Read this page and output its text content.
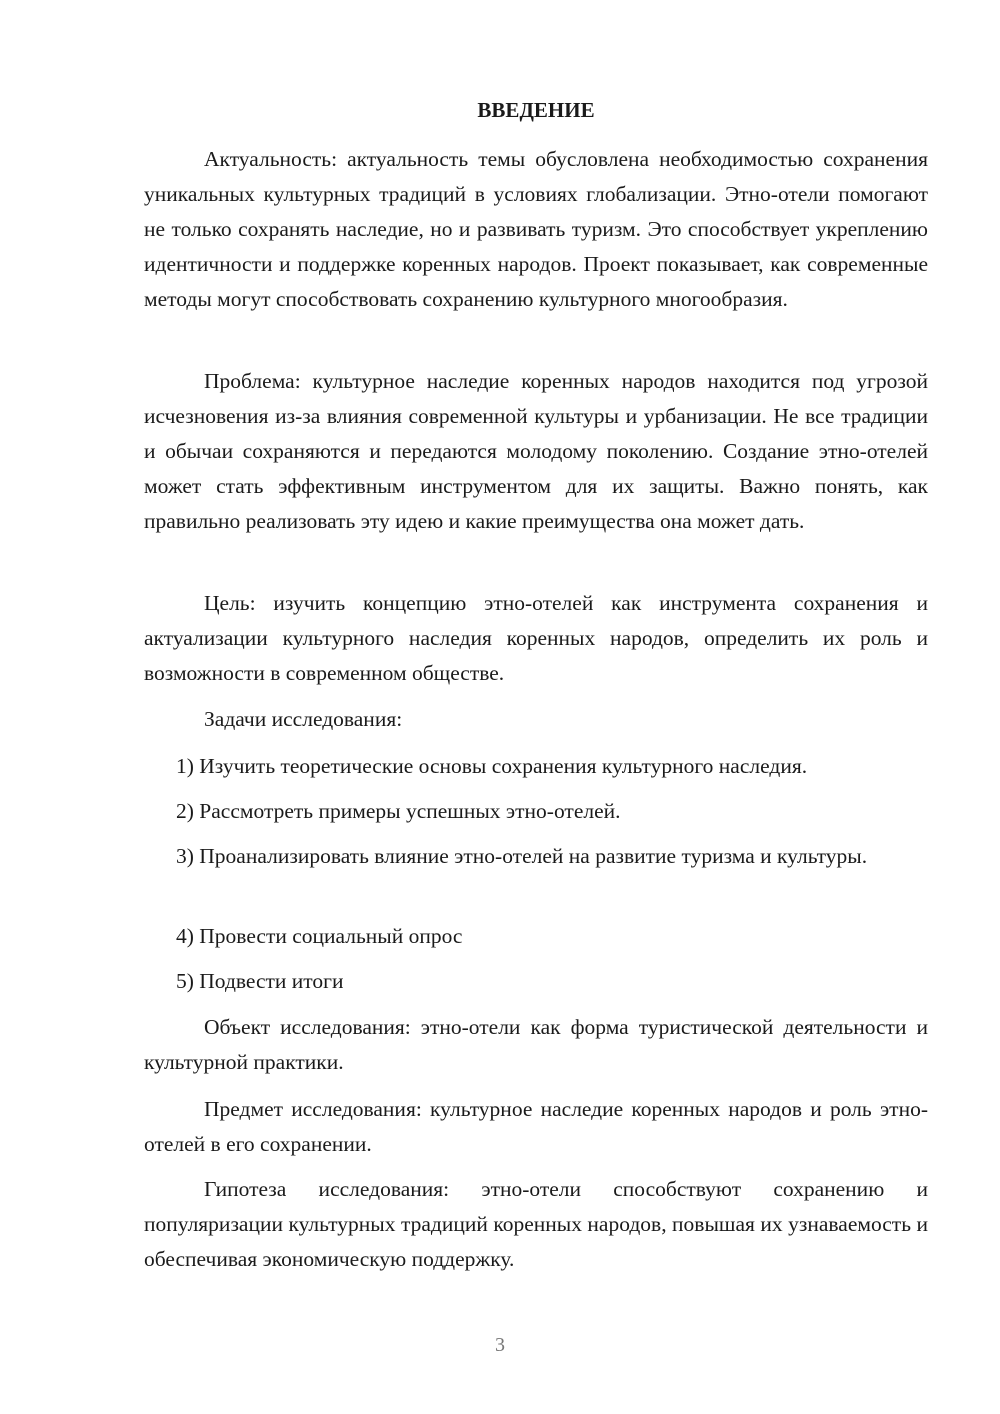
ВВЕДЕНИЕ

Актуальность: актуальность темы обусловлена необходимостью сохранения уникальных культурных традиций в условиях глобализации. Этно-отели помогают не только сохранять наследие, но и развивать туризм. Это способствует укреплению идентичности и поддержке коренных народов. Проект показывает, как современные методы могут способствовать сохранению культурного многообразия.

Проблема: культурное наследие коренных народов находится под угрозой исчезновения из-за влияния современной культуры и урбанизации. Не все традиции и обычаи сохраняются и передаются молодому поколению. Создание этно-отелей может стать эффективным инструментом для их защиты. Важно понять, как правильно реализовать эту идею и какие преимущества она может дать.

Цель: изучить концепцию этно-отелей как инструмента сохранения и актуализации культурного наследия коренных народов, определить их роль и возможности в современном обществе.

Задачи исследования:

1) Изучить теоретические основы сохранения культурного наследия.

2) Рассмотреть примеры успешных этно-отелей.

3) Проанализировать влияние этно-отелей на развитие туризма и культуры.

4) Провести социальный опрос

5) Подвести итоги

Объект исследования: этно-отели как форма туристической деятельности и культурной практики.

Предмет исследования: культурное наследие коренных народов и роль этно-отелей в его сохранении.

Гипотеза исследования: этно-отели способствуют сохранению и популяризации культурных традиций коренных народов, повышая их узнаваемость и обеспечивая экономическую поддержку.

3
